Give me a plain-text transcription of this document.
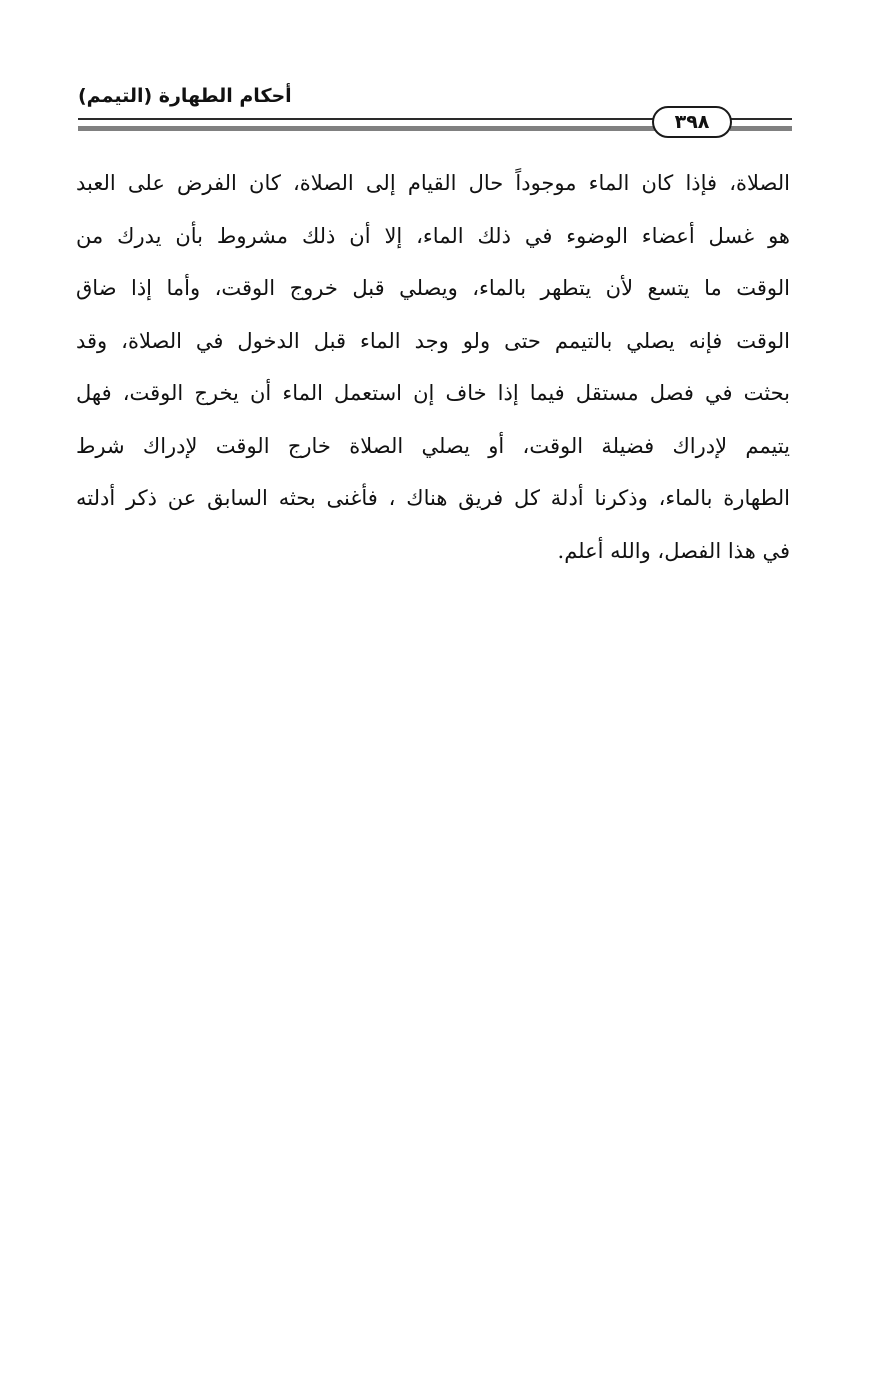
أحكام الطهارة (التيمم)
٣٩٨
الصلاة، فإذا كان الماء موجوداً حال القيام إلى الصلاة، كان الفرض على العبد
هو غسل أعضاء الوضوء في ذلك الماء، إلا أن ذلك مشروط بأن يدرك من
الوقت ما يتسع لأن يتطهر بالماء، ويصلي قبل خروج الوقت، وأما إذا ضاق
الوقت فإنه يصلي بالتيمم حتى ولو وجد الماء قبل الدخول في الصلاة، وقد
بحثت في فصل مستقل فيما إذا خاف إن استعمل الماء أن يخرج الوقت، فهل
يتيمم لإدراك فضيلة الوقت، أو يصلي الصلاة خارج الوقت لإدراك شرط
الطهارة بالماء، وذكرنا أدلة كل فريق هناك ، فأغنى بحثه السابق عن ذكر أدلته
في هذا الفصل، والله أعلم.
